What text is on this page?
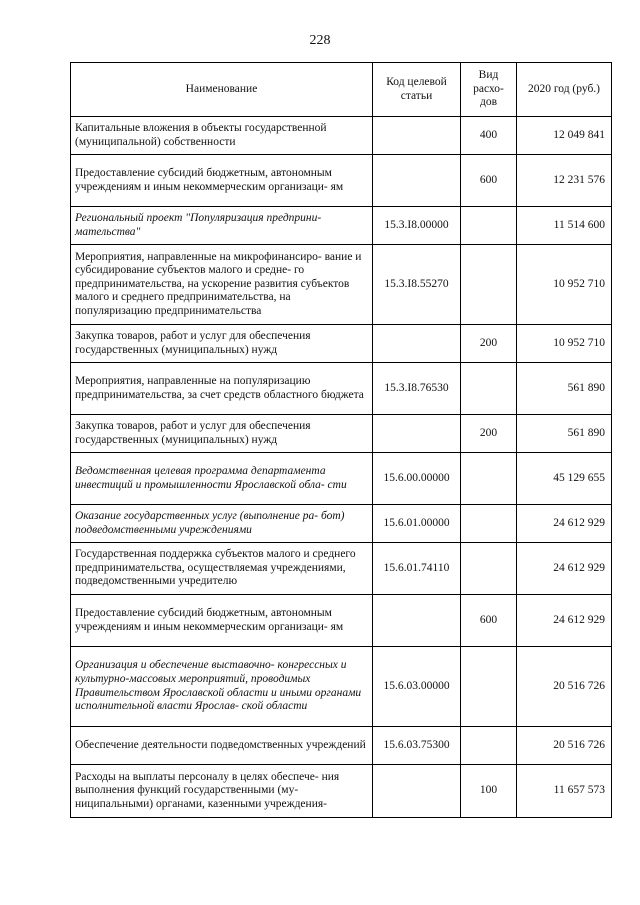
228
Наименование	Код целевой статьи	Вид расхо- дов	2020 год (руб.)
Капитальные вложения в объекты государственной (муниципальной) собственности		400	12 049 841
Предоставление субсидий бюджетным, автономным учреждениям и иным некоммерческим организаци- ям		600	12 231 576
Региональный проект "Популяризация предприни- мательства"	15.3.I8.00000		11 514 600
Мероприятия, направленные на микрофинансиро- вание и субсидирование субъектов малого и средне- го предпринимательства, на ускорение развития субъектов малого и среднего предпринимательства, на популяризацию предпринимательства	15.3.I8.55270		10 952 710
Закупка товаров, работ и услуг для обеспечения государственных (муниципальных) нужд		200	10 952 710
Мероприятия, направленные на популяризацию предпринимательства, за счет средств областного бюджета	15.3.I8.76530		561 890
Закупка товаров, работ и услуг для обеспечения государственных (муниципальных) нужд		200	561 890
Ведомственная целевая программа департамента инвестиций и промышленности Ярославской обла- сти	15.6.00.00000		45 129 655
Оказание государственных услуг (выполнение ра- бот) подведомственными учреждениями	15.6.01.00000		24 612 929
Государственная поддержка субъектов малого и среднего предпринимательства, осуществляемая учреждениями, подведомственными учредителю	15.6.01.74110		24 612 929
Предоставление субсидий бюджетным, автономным учреждениям и иным некоммерческим организаци- ям		600	24 612 929
Организация и обеспечение выставочно- конгрессных и культурно-массовых мероприятий, проводимых Правительством Ярославской области и иными органами исполнительной власти Ярослав- ской области	15.6.03.00000		20 516 726
Обеспечение деятельности подведомственных учреждений	15.6.03.75300		20 516 726
Расходы на выплаты персоналу в целях обеспече- ния выполнения функций государственными (му- ниципальными) органами, казенными учреждения-		100	11 657 573
